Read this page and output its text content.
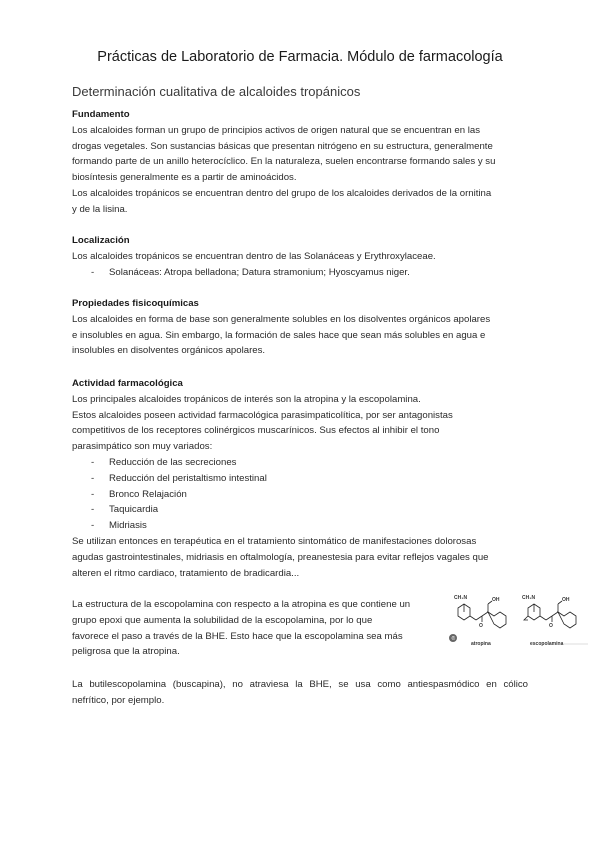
Prácticas de Laboratorio de Farmacia. Módulo de farmacología
Determinación cualitativa de alcaloides tropánicos
Fundamento
Los alcaloides forman un grupo de principios activos de origen natural que se encuentran en las
drogas vegetales. Son sustancias básicas que presentan nitrógeno en su estructura, generalmente
formando parte de un anillo heterocíclico. En la naturaleza, suelen encontrarse formando sales y su
biosíntesis generalmente es a partir de aminoácidos.
Los alcaloides tropánicos se encuentran dentro del grupo de los alcaloides derivados de la ornitina
y de la lisina.
Localización
Los alcaloides tropánicos se encuentran dentro de las Solanáceas y Erythroxylaceae.
- Solanáceas: Atropa belladona; Datura stramonium; Hyoscyamus niger.
Propiedades fisicoquímicas
Los alcaloides en forma de base son generalmente solubles en los disolventes orgánicos apolares
e insolubles en agua. Sin embargo, la formación de sales hace que sean más solubles en agua e
insolubles en disolventes orgánicos apolares.
Actividad farmacológica
Los principales alcaloides tropánicos de interés son la atropina y la escopolamina.
Estos alcaloides poseen actividad farmacológica parasimpaticolítica, por ser antagonistas
competitivos de los receptores colinérgicos muscarínicos. Sus efectos al inhibir el tono
parasimpático son muy variados:
- Reducción de las secreciones
- Reducción del peristaltismo intestinal
- Bronco Relajación
- Taquicardia
- Midriasis
Se utilizan entonces en terapéutica en el tratamiento sintomático de manifestaciones dolorosas
agudas gastrointestinales, midriasis en oftalmología, preanestesia para evitar reflejos vagales que
alteren el ritmo cardiaco, tratamiento de bradicardia...
La estructura de la escopolamina con respecto a la atropina es que contiene un
grupo epoxi que aumenta la solubilidad de la escopolamina, por lo que
favorece el paso a través de la BHE. Esto hace que la escopolamina sea más
peligrosa que la atropina.
®
CH₃N	OH
O
atropina
CH₃N	OH
O
escopolamina
La butilescopolamina (buscapina), no atraviesa la BHE, se usa como antiespasmódico en cólico
nefrítico, por ejemplo.
